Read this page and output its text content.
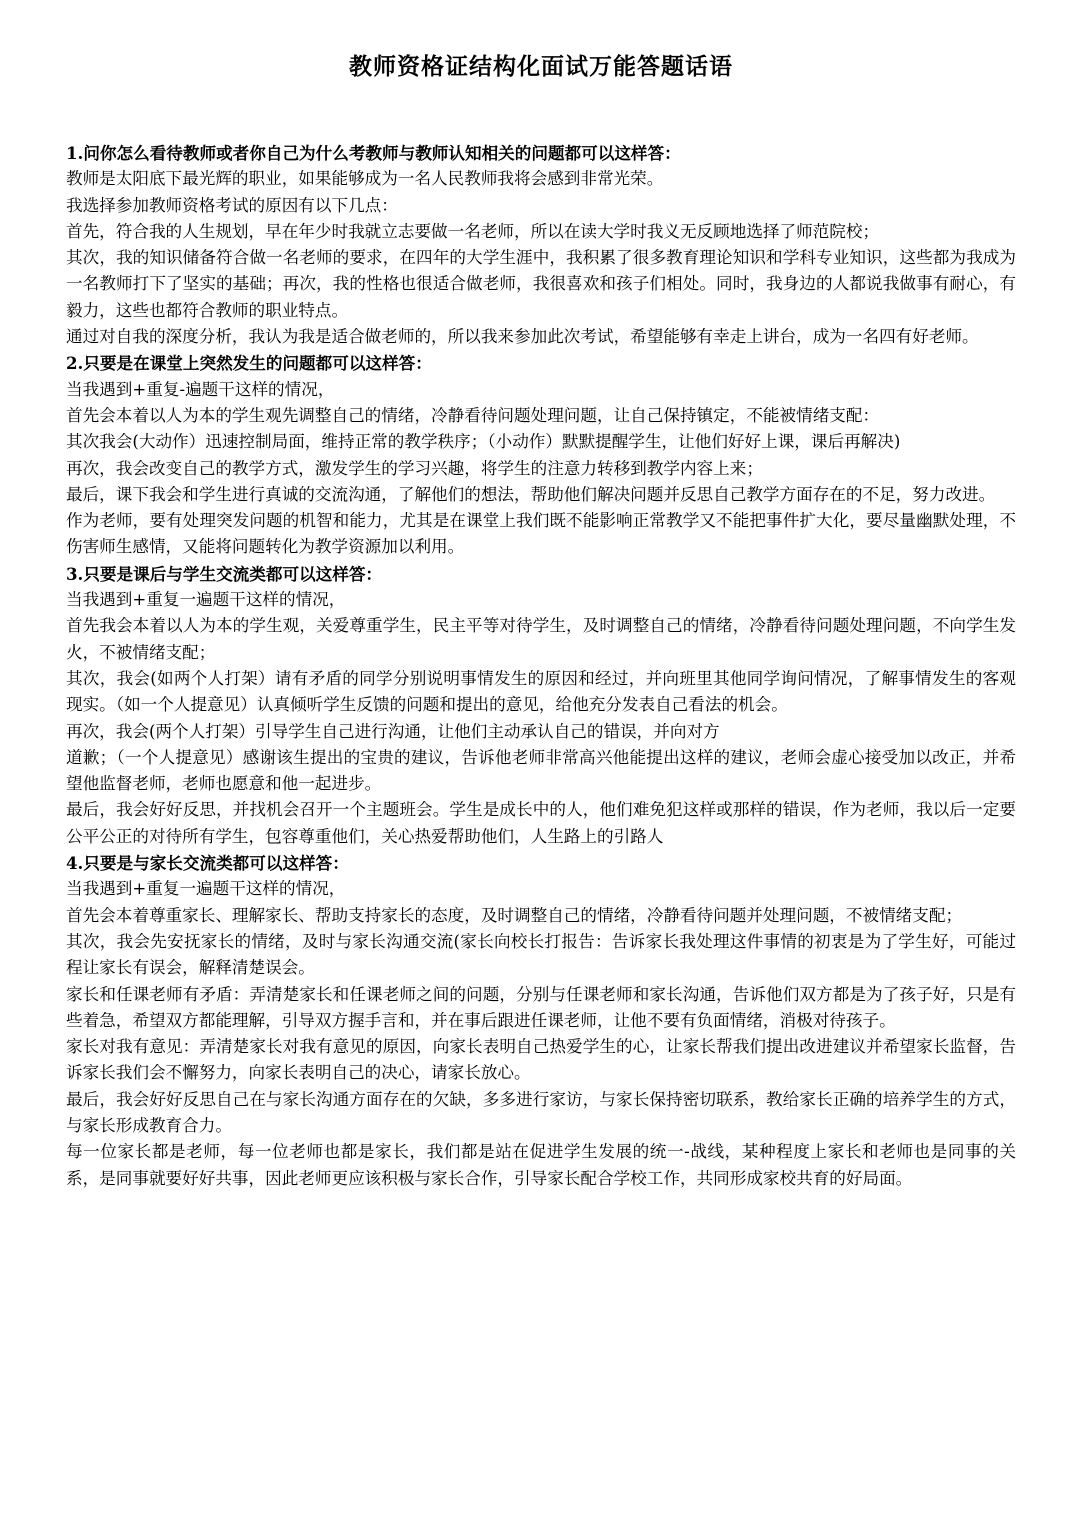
教师资格证结构化面试万能答题话语

1.问你怎么看待教师或者你自己为什么考教师与教师认知相关的问题都可以这样答：

教师是太阳底下最光辉的职业，如果能够成为一名人民教师我将会感到非常光荣。

我选择参加教师资格考试的原因有以下几点：

首先，符合我的人生规划，早在年少时我就立志要做一名老师，所以在读大学时我义无反顾地选择了师范院校；

其次，我的知识储备符合做一名老师的要求，在四年的大学生涯中，我积累了很多教育理论知识和学科专业知识，这些都为我成为一名教师打下了坚实的基础；再次，我的性格也很适合做老师，我很喜欢和孩子们相处。同时，我身边的人都说我做事有耐心，有毅力，这些也都符合教师的职业特点。

通过对自我的深度分析，我认为我是适合做老师的，所以我来参加此次考试，希望能够有幸走上讲台，成为一名四有好老师。

2.只要是在课堂上突然发生的问题都可以这样答：

当我遇到+重复-遍题干这样的情况，

首先会本着以人为本的学生观先调整自己的情绪，冷静看待问题处理问题，让自己保持镇定，不能被情绪支配：

其次我会(大动作）迅速控制局面，维持正常的教学秩序；（小动作）默默提醒学生，让他们好好上课，课后再解决)

再次，我会改变自己的教学方式，激发学生的学习兴趣，将学生的注意力转移到教学内容上来；

最后，课下我会和学生进行真诚的交流沟通，了解他们的想法，帮助他们解决问题并反思自己教学方面存在的不足，努力改进。

作为老师，要有处理突发问题的机智和能力，尤其是在课堂上我们既不能影响正常教学又不能把事件扩大化，要尽量幽默处理，不伤害师生感情，又能将问题转化为教学资源加以利用。

3.只要是课后与学生交流类都可以这样答：

当我遇到+重复一遍题干这样的情况，

首先我会本着以人为本的学生观，关爱尊重学生，民主平等对待学生，及时调整自己的情绪，冷静看待问题处理问题，不向学生发火，不被情绪支配；

其次，我会(如两个人打架）请有矛盾的同学分别说明事情发生的原因和经过，并向班里其他同学询问情况，了解事情发生的客观现实。（如一个人提意见）认真倾听学生反馈的问题和提出的意见，给他充分发表自己看法的机会。

再次，我会(两个人打架）引导学生自己进行沟通，让他们主动承认自己的错误，并向对方

道歉；（一个人提意见）感谢该生提出的宝贵的建议，告诉他老师非常高兴他能提出这样的建议，老师会虚心接受加以改正，并希望他监督老师，老师也愿意和他一起进步。

最后，我会好好反思，并找机会召开一个主题班会。学生是成长中的人，他们难免犯这样或那样的错误，作为老师，我以后一定要公平公正的对待所有学生，包容尊重他们，关心热爱帮助他们，人生路上的引路人

4.只要是与家长交流类都可以这样答：

当我遇到+重复一遍题干这样的情况，

首先会本着尊重家长、理解家长、帮助支持家长的态度，及时调整自己的情绪，冷静看待问题并处理问题，不被情绪支配；

其次，我会先安抚家长的情绪，及时与家长沟通交流(家长向校长打报告：告诉家长我处理这件事情的初衷是为了学生好，可能过程让家长有误会，解释清楚误会。

家长和任课老师有矛盾：弄清楚家长和任课老师之间的问题，分别与任课老师和家长沟通，告诉他们双方都是为了孩子好，只是有些着急，希望双方都能理解，引导双方握手言和，并在事后跟进任课老师，让他不要有负面情绪，消极对待孩子。

家长对我有意见：弄清楚家长对我有意见的原因，向家长表明自己热爱学生的心，让家长帮我们提出改进建议并希望家长监督，告诉家长我们会不懈努力，向家长表明自己的决心，请家长放心。

最后，我会好好反思自己在与家长沟通方面存在的欠缺，多多进行家访，与家长保持密切联系，教给家长正确的培养学生的方式，与家长形成教育合力。

每一位家长都是老师，每一位老师也都是家长，我们都是站在促进学生发展的统一-战线，某种程度上家长和老师也是同事的关系，是同事就要好好共事，因此老师更应该积极与家长合作，引导家长配合学校工作，共同形成家校共育的好局面。
